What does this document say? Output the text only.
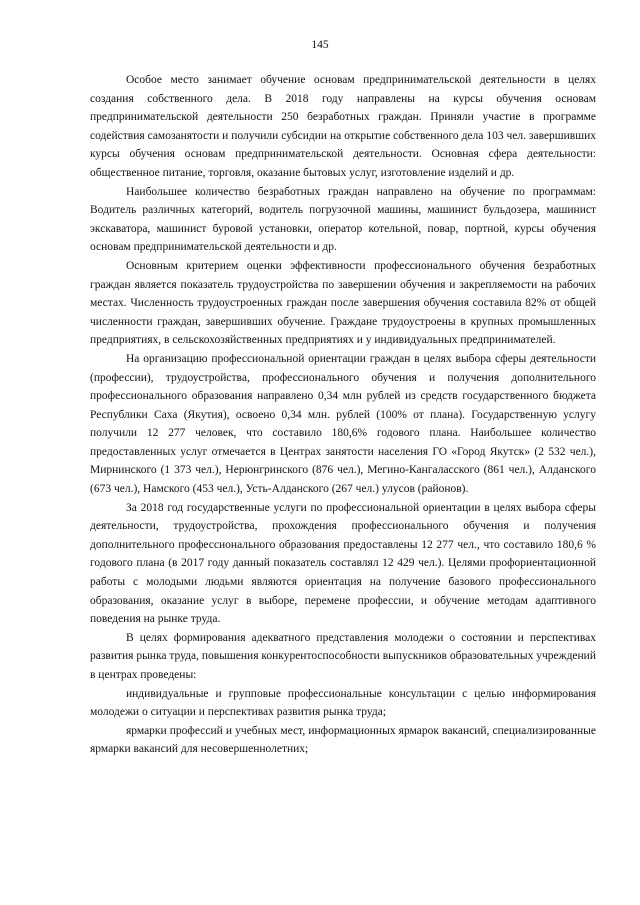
145

Особое место занимает обучение основам предпринимательской деятельности в целях создания собственного дела. В 2018 году направлены на курсы обучения основам предпринимательской деятельности 250 безработных граждан. Приняли участие в программе содействия самозанятости и получили субсидии на открытие собственного дела 103 чел. завершивших курсы обучения основам предпринимательской деятельности. Основная сфера деятельности: общественное питание, торговля, оказание бытовых услуг, изготовление изделий и др.

Наибольшее количество безработных граждан направлено на обучение по программам: Водитель различных категорий, водитель погрузочной машины, машинист бульдозера, машинист экскаватора, машинист буровой установки, оператор котельной, повар, портной, курсы обучения основам предпринимательской деятельности и др.

Основным критерием оценки эффективности профессионального обучения безработных граждан является показатель трудоустройства по завершении обучения и закрепляемости на рабочих местах. Численность трудоустроенных граждан после завершения обучения составила 82% от общей численности граждан, завершивших обучение. Граждане трудоустроены в крупных промышленных предприятиях, в сельскохозяйственных предприятиях и у индивидуальных предпринимателей.

На организацию профессиональной ориентации граждан в целях выбора сферы деятельности (профессии), трудоустройства, профессионального обучения и получения дополнительного профессионального образования направлено 0,34 млн рублей из средств государственного бюджета Республики Саха (Якутия), освоено 0,34 млн. рублей (100% от плана). Государственную услугу получили 12 277 человек, что составило 180,6% годового плана. Наибольшее количество предоставленных услуг отмечается в Центрах занятости населения ГО «Город Якутск» (2 532 чел.), Мирнинского (1 373 чел.), Нерюнгринского (876 чел.), Мегино-Кангаласского (861 чел.), Алданского (673 чел.), Намского (453 чел.), Усть-Алданского (267 чел.) улусов (районов).

За 2018 год государственные услуги по профессиональной ориентации в целях выбора сферы деятельности, трудоустройства, прохождения профессионального обучения и получения дополнительного профессионального образования предоставлены 12 277 чел., что составило 180,6 % годового плана (в 2017 году данный показатель составлял 12 429 чел.). Целями профориентационной работы с молодыми людьми являются ориентация на получение базового профессионального образования, оказание услуг в выборе, перемене профессии, и обучение методам адаптивного поведения на рынке труда.

В целях формирования адекватного представления молодежи о состоянии и перспективах развития рынка труда, повышения конкурентоспособности выпускников образовательных учреждений в центрах проведены:

индивидуальные и групповые профессиональные консультации с целью информирования молодежи о ситуации и перспективах развития рынка труда;

ярмарки профессий и учебных мест, информационных ярмарок вакансий, специализированные ярмарки вакансий для несовершеннолетних;
